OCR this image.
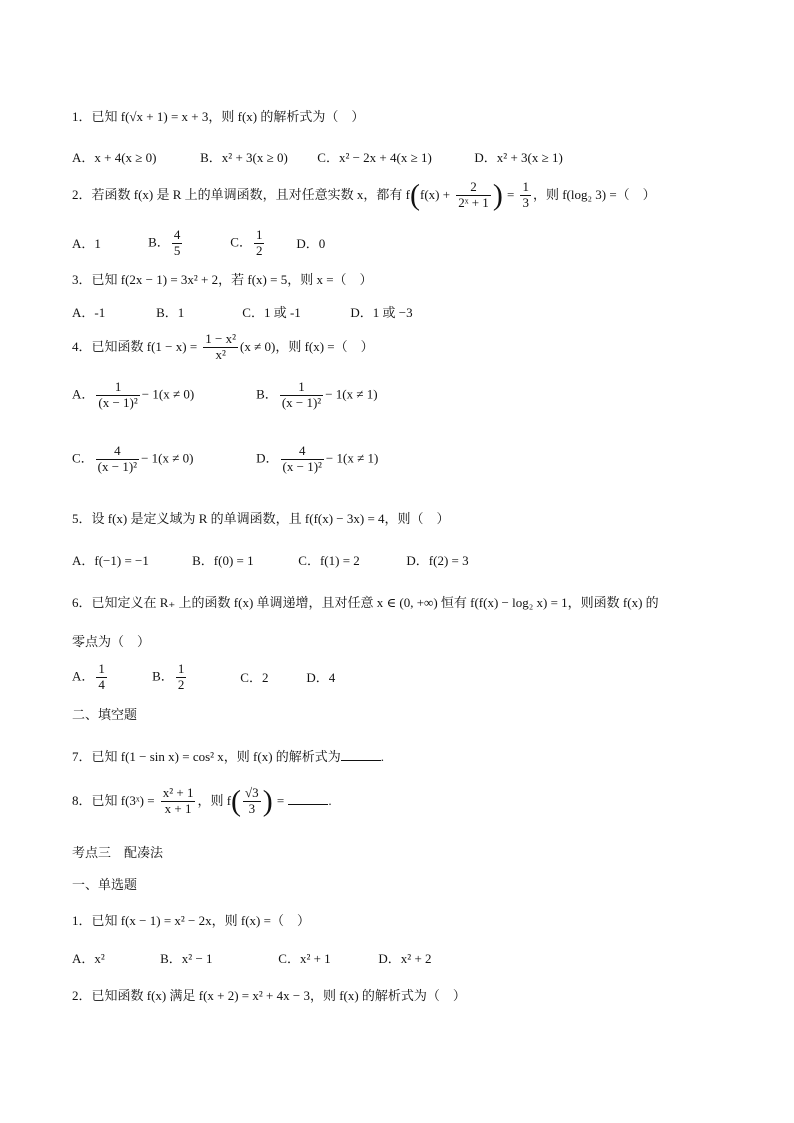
1．已知 f(√x + 1) = x + 3，则 f(x) 的解析式为（　）
A．x + 4(x ≥ 0)	B．x² + 3(x ≥ 0) C．x² − 2x + 4(x ≥ 1)	D．x² + 3(x ≥ 1)
2．若函数 f(x) 是 R 上的单调函数，且对任意实数 x，都有 $f(f(x) + \frac{2}{\text{2ˣ + 1}}$ ) = $\frac{1}{3}$ ，则 f(log₂ 3) =（　）
A．1	B． $\frac{4}{5}$	C． $\frac{1}{2}$ D．0
3．已知 f(2x − 1) = 3x² + 2，若 f(x) = 5，则 x =（　）
A．-1	B．1	C．1 或 -1	D．1 或 −3
4．已知函数 $f(1 - x) = \frac{\text{1 − x²}}{\text{x²}} (x \ne 0)$，则 f(x) =（　）
A． $\frac{1}{\text{(x − 1)²}} - 1(x \ne 0)$	B． $\frac{1}{\text{(x − 1)²}} - 1(x \ne 1)$
C． $\frac{4}{\text{(x − 1)²}} - 1(x \ne 0)$	D． $\frac{4}{\text{(x − 1)²}} - 1(x \ne 1)$
5．设 f(x) 是定义域为 R 的单调函数，且 f(f(x) − 3x) = 4，则（　）
A．f(−1) = −1	B．f(0) = 1	C．f(1) = 2	D．f(2) = 3
6．已知定义在 R₊ 上的函数 f(x) 单调递增，且对任意 x ∈ (0, +∞) 恒有 f(f(x) − log₂ x) = 1，则函数 f(x) 的
零点为（　）
A． $\frac{1}{4}$	B． $\frac{1}{2}$	C．2	D．4
二、填空题
7．已知 f(1 − sin x) = cos² x，则 f(x) 的解析式为	.
8．已知 f(3ˣ) = $\frac{\text{x² + 1}}{x + 1}$ ，则 $f( \frac{√3}{3}$ ) =	.
考点三　配凑法
一、单选题
1．已知 f(x − 1) = x² − 2x，则 f(x) =（　）
A．x²	B．x² − 1	C．x² + 1	D．x² + 2
2．已知函数 f(x) 满足 f(x + 2) = x² + 4x − 3，则 f(x) 的解析式为（　）
